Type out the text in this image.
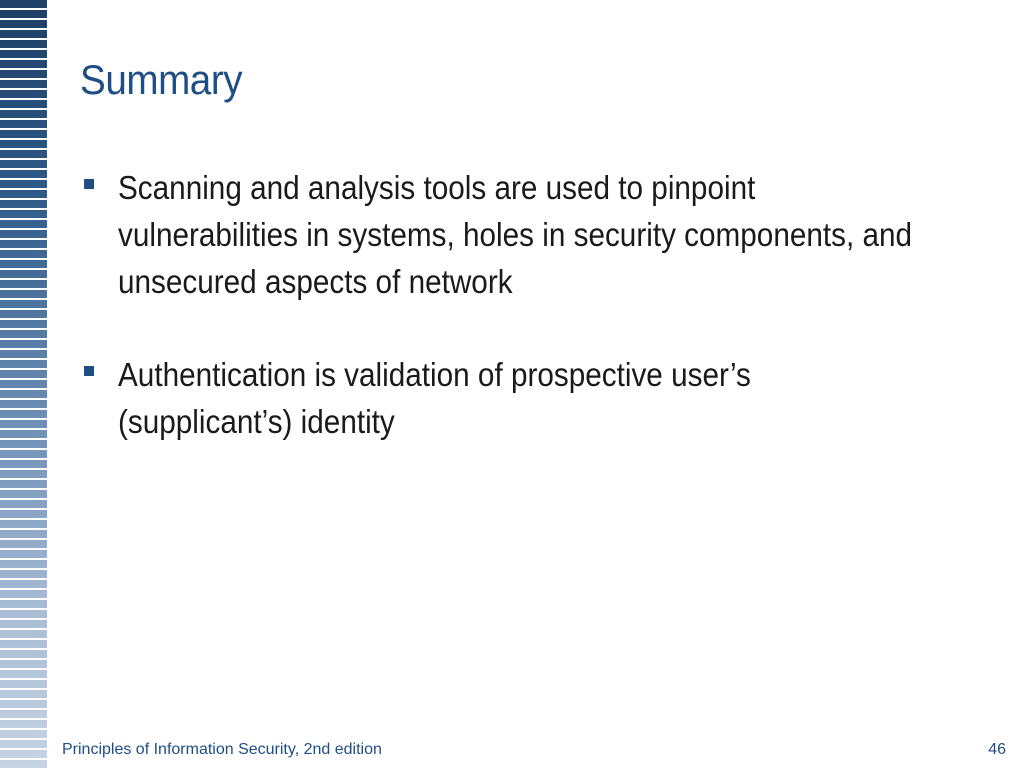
Summary
Scanning and analysis tools are used to pinpoint vulnerabilities in systems, holes in security components, and unsecured aspects of network
Authentication is validation of prospective user’s (supplicant’s) identity
Principles of Information Security, 2nd edition	46
